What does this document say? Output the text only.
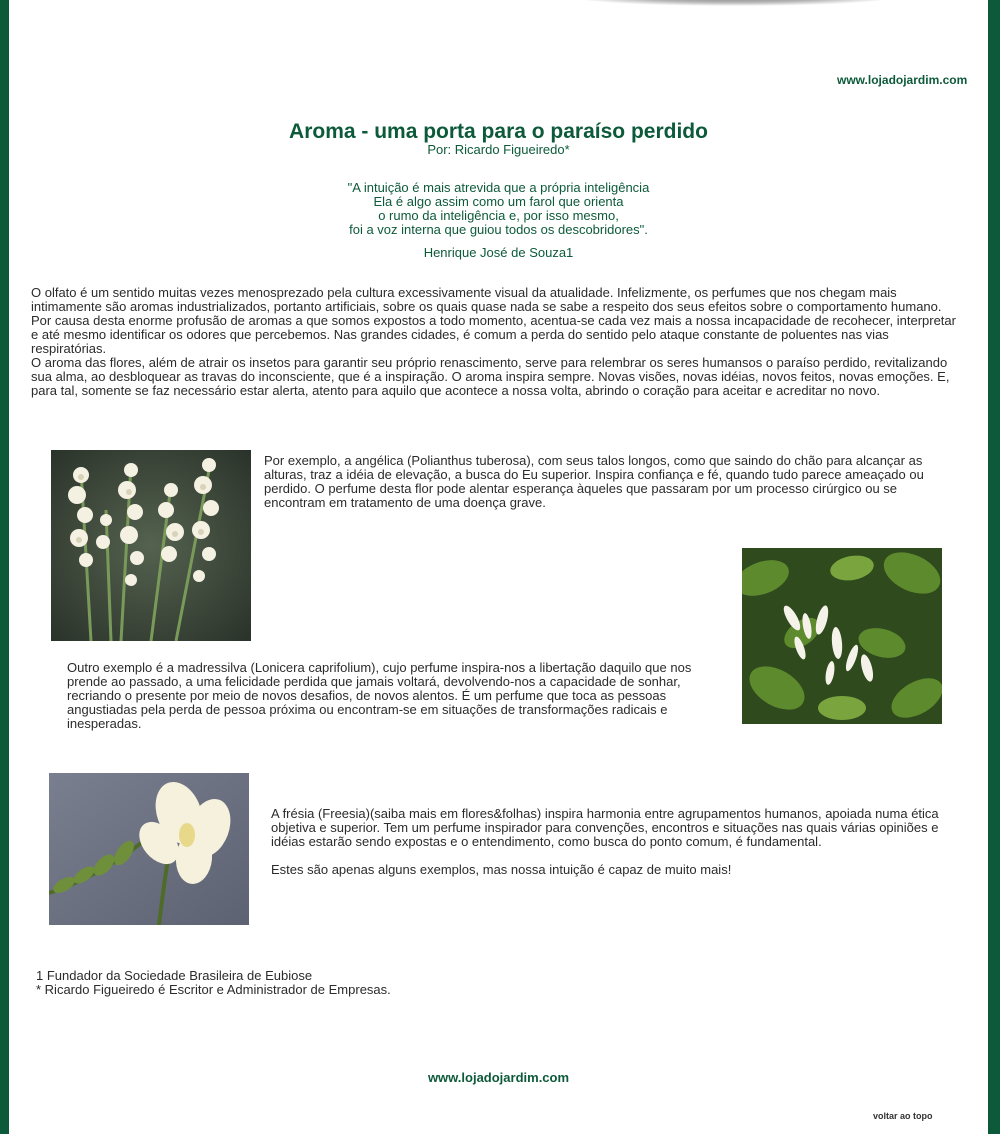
www.lojadojardim.com
Aroma - uma porta para o paraíso perdido
Por: Ricardo Figueiredo*
"A intuição é mais atrevida que a própria inteligência
Ela é algo assim como um farol que orienta
o rumo da inteligência e, por isso mesmo,
foi a voz interna que guiou todos os descobridores".
Henrique José de Souza1

O olfato é um sentido muitas vezes menosprezado pela cultura excessivamente visual da atualidade. Infelizmente, os perfumes que nos chegam mais intimamente são aromas industrializados, portanto artificiais, sobre os quais quase nada se sabe a respeito dos seus efeitos sobre o comportamento humano.

Por causa desta enorme profusão de aromas a que somos expostos a todo momento, acentua-se cada vez mais a nossa incapacidade de recohecer, interpretar e até mesmo identificar os odores que percebemos. Nas grandes cidades, é comum a perda do sentido pelo ataque constante de poluentes nas vias respiratórias.

O aroma das flores, além de atrair os insetos para garantir seu próprio renascimento, serve para relembrar os seres humansos o paraíso perdido, revitalizando sua alma, ao desbloquear as travas do inconsciente, que é a inspiração. O aroma inspira sempre. Novas visões, novas idéias, novos feitos, novas emoções. E, para tal, somente se faz necessário estar alerta, atento para aquilo que acontece a nossa volta, abrindo o coração para aceitar e acreditar no novo.

Por exemplo, a angélica (Polianthus tuberosa), com seus talos longos, como que saindo do chão para alcançar as alturas, traz a idéia de elevação, a busca do Eu superior. Inspira confiança e fé, quando tudo parece ameaçado ou perdido. O perfume desta flor pode alentar esperança àqueles que passaram por um processo cirúrgico ou se encontram em tratamento de uma doença grave.
Outro exemplo é a madressilva (Lonicera caprifolium), cujo perfume inspira-nos a libertação daquilo que nos prende ao passado, a uma felicidade perdida que jamais voltará, devolvendo-nos a capacidade de sonhar, recriando o presente por meio de novos desafios, de novos alentos. É um perfume que toca as pessoas angustiadas pela perda de pessoa próxima ou encontram-se em situações de transformações radicais e inesperadas.

A frésia (Freesia)(saiba mais em flores&folhas) inspira harmonia entre agrupamentos humanos, apoiada numa ética objetiva e superior. Tem um perfume inspirador para convenções, encontros e situações nas quais várias opiniões e idéias estarão sendo expostas e o entendimento, como busca do ponto comum, é fundamental.

Estes são apenas alguns exemplos, mas nossa intuição é capaz de muito mais!

1 Fundador da Sociedade Brasileira de Eubiose

* Ricardo Figueiredo é Escritor e Administrador de Empresas.

www.lojadojardim.com
voltar ao topo
